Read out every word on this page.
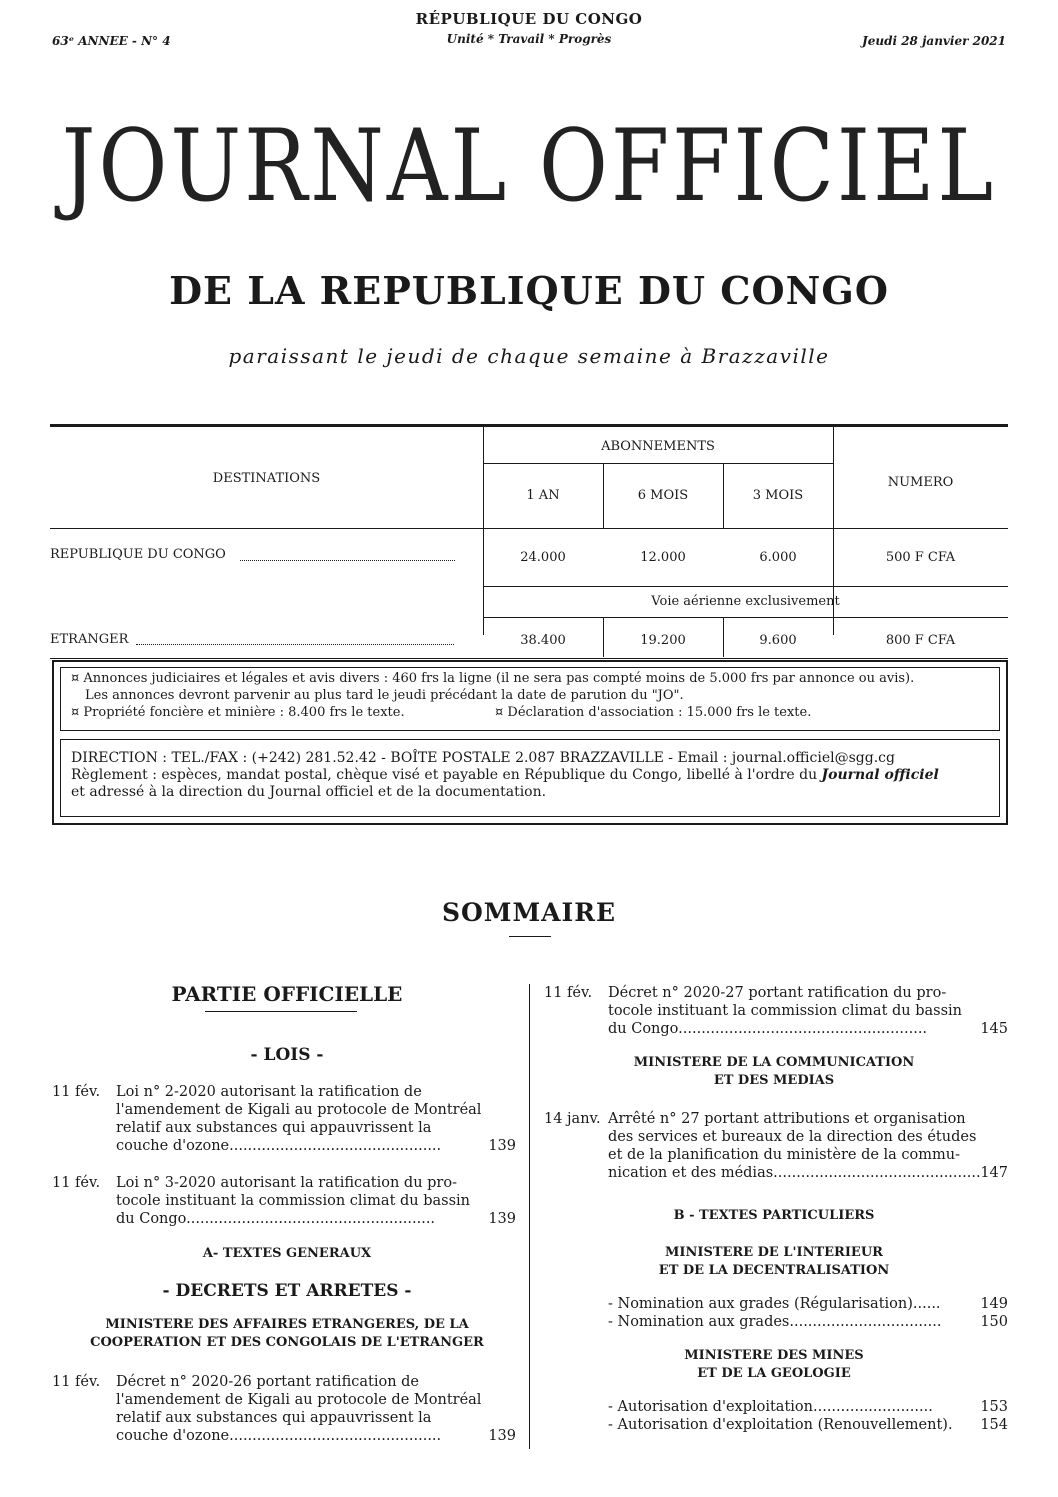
63ᵉ ANNEE - N° 4
RÉPUBLIQUE DU CONGO
Unité * Travail * Progrès	Jeudi 28 janvier 2021
JOURNAL OFFICIEL
DE LA REPUBLIQUE DU CONGO
paraissant le jeudi de chaque semaine à Brazzaville
DESTINATIONS
ABONNEMENTS
NUMERO
1 AN	6 MOIS	3 MOIS
REPUBLIQUE DU CONGO	24.000	12.000	6.000	500 F CFA
Voie aérienne exclusivement
ETRANGER	38.400	19.200	9.600	800 F CFA
¤ Annonces judiciaires et légales et avis divers : 460 frs la ligne (il ne sera pas compté moins de 5.000 frs par annonce ou avis).
Les annonces devront parvenir au plus tard le jeudi précédant la date de parution du "JO".
¤ Propriété foncière et minière : 8.400 frs le texte.	¤ Déclaration d'association : 15.000 frs le texte.
DIRECTION : TEL./FAX : (+242) 281.52.42 - BOÎTE POSTALE 2.087 BRAZZAVILLE - Email : journal.officiel@sgg.cg
Règlement : espèces, mandat postal, chèque visé et payable en République du Congo, libellé à l'ordre du Journal officiel
et adressé à la direction du Journal officiel et de la documentation.
SOMMAIRE
PARTIE OFFICIELLE
- LOIS -
11 fév. Loi n° 2-2020 autorisant la ratification de
l'amendement de Kigali au protocole de Montréal
relatif aux substances qui appauvrissent la
couche d'ozone..............................................	139
11 fév. Loi n° 3-2020 autorisant la ratification du pro-
tocole instituant la commission climat du bassin
du Congo......................................................	139
A- TEXTES GENERAUX
- DECRETS ET ARRETES -
MINISTERE DES AFFAIRES ETRANGERES, DE LA
COOPERATION ET DES CONGOLAIS DE L'ETRANGER
11 fév. Décret n° 2020-26 portant ratification de
l'amendement de Kigali au protocole de Montréal
relatif aux substances qui appauvrissent la
couche d'ozone..............................................	139
11 fév. Décret n° 2020-27 portant ratification du pro-
tocole instituant la commission climat du bassin
du Congo......................................................	145
MINISTERE DE LA COMMUNICATION
ET DES MEDIAS
14 janv. Arrêté n° 27 portant attributions et organisation
des services et bureaux de la direction des études
et de la planification du ministère de la commu-
nication et des médias............................................. 147
B - TEXTES PARTICULIERS
MINISTERE DE L'INTERIEUR
ET DE LA DECENTRALISATION
- Nomination aux grades (Régularisation)......	149
- Nomination aux grades.................................	150
MINISTERE DES MINES
ET DE LA GEOLOGIE
- Autorisation d'exploitation..........................	153
- Autorisation d'exploitation (Renouvellement). 154
